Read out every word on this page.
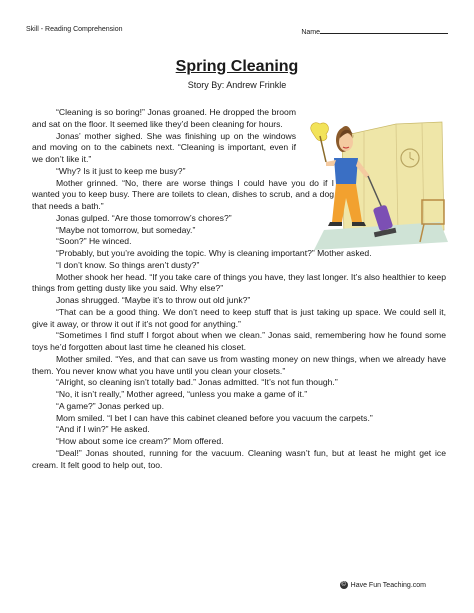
Skill - Reading Comprehension	Name
Spring Cleaning
Story By: Andrew Frinkle

“Cleaning is so boring!” Jonas groaned. He dropped the broom and sat on the floor. It seemed like they’d been cleaning for hours.

Jonas’ mother sighed. She was finishing up on the windows and moving on to the cabinets next. “Cleaning is important, even if we don’t like it.”

“Why? Is it just to keep me busy?”

Mother grinned. “No, there are worse things I could have you do if I wanted you to keep busy. There are toilets to clean, dishes to scrub, and a dog that needs a bath.”

Jonas gulped. “Are those tomorrow’s chores?”

“Maybe not tomorrow, but someday.”

“Soon?” He winced.

“Probably, but you’re avoiding the topic. Why is cleaning important?” Mother asked.

“I don’t know. So things aren’t dusty?”

Mother shook her head. “If you take care of things you have, they last longer. It’s also healthier to keep things from getting dusty like you said. Why else?”

Jonas shrugged. “Maybe it’s to throw out old junk?”

“That can be a good thing. We don’t need to keep stuff that is just taking up space. We could sell it, give it away, or throw it out if it’s not good for anything.”

“Sometimes I find stuff I forgot about when we clean.” Jonas said, remembering how he found some toys he’d forgotten about last time he cleaned his closet.

Mother smiled. “Yes, and that can save us from wasting money on new things, when we already have them. You never know what you have until you clean your closets.”

“Alright, so cleaning isn’t totally bad.” Jonas admitted. “It’s not fun though.”

“No, it isn’t really,” Mother agreed, “unless you make a game of it.”

“A game?” Jonas perked up.

Mom smiled. “I bet I can have this cabinet cleaned before you vacuum the carpets.”

“And if I win?” He asked.

“How about some ice cream?” Mom offered.

“Deal!” Jonas shouted, running for the vacuum. Cleaning wasn’t fun, but at least he might get ice cream. It felt good to help out, too.

© Have Fun Teaching.com
